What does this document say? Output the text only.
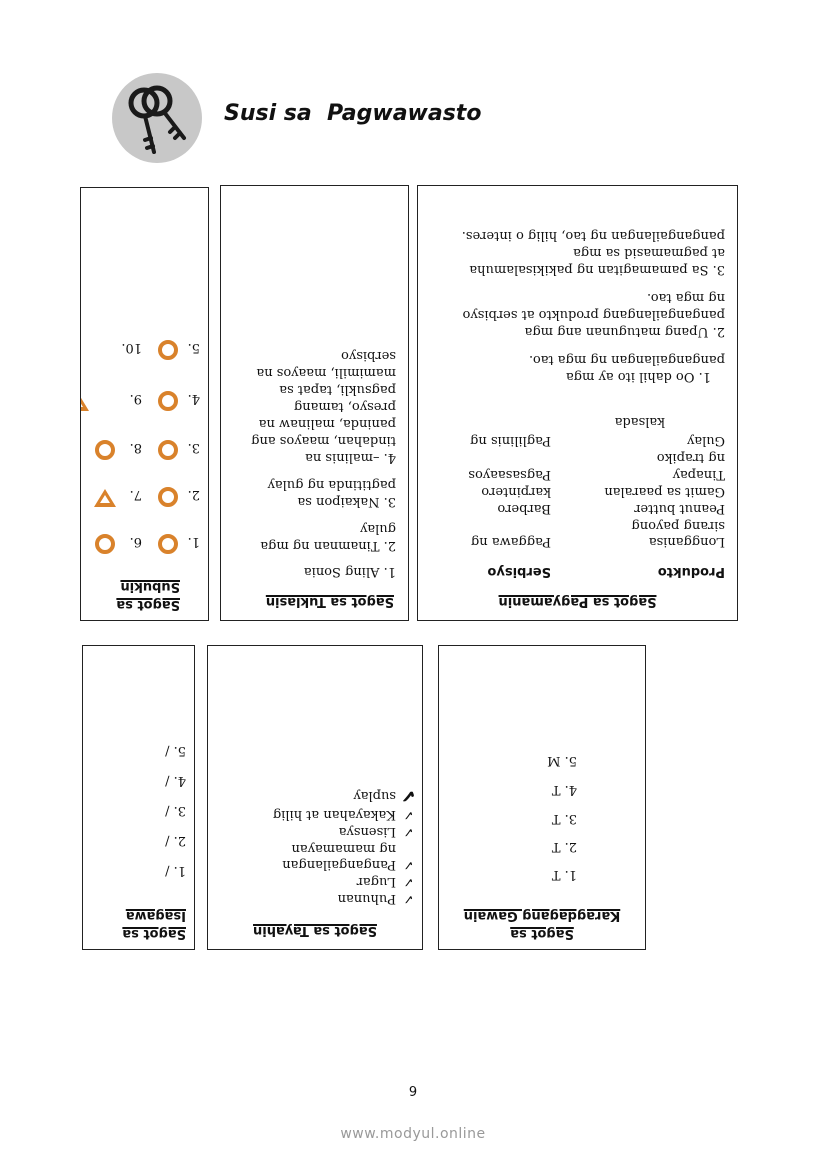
Susi sa  Pagwawasto
Sagot sa Pagyamanin
Produkto
Serbisyo
Longganisa
Paggawa ng
sirang payong
Peanut butter
Barbero
Gamit sa paaralan
karpintero
Tinapay
Pagsasaayos
ng trapiko
Gulay
Paglilinis ng
kalsada
1. Oo dahil ito ay mga
pangangailangan ng mga tao.
2. Upang matugunan ang mga
pangangailangang produkto at serbisyo
ng mga tao.
3. Sa pamamagitan ng pakikisalamuha
at pagmamasid sa mga
pangangailangan ng tao, hilig o interes.
Sagot sa Tuklasin
1. Aling Sonia
2. Tinamnan ng mga
gulay
3. Nakaipon sa
pagtitinda ng gulay
4. –malinis na
tindahan, maayos ang
paninda, malinaw na
presyo, tamang
pagsukli, tapat sa
mamimili, maayos na
serbisyo
Sagot sa
Subukin
1.
6.
2.
7.

3.
8.
4.
9.

5.
10.
Sagot sa
Karagdagang Gawain
1. T
2. T
3. T
4. T
5. M
Sagot sa Tayahin
✓
Puhunan
✓
Lugar
✓
Pangangailangan
ng mamamayan
✓
Lisensya
✓
Kakayahan at hilig
✔
suplay
Sagot sa
Isagawa
1. /
2. /
3. /
4. /
5. /
9
www.modyul.online
